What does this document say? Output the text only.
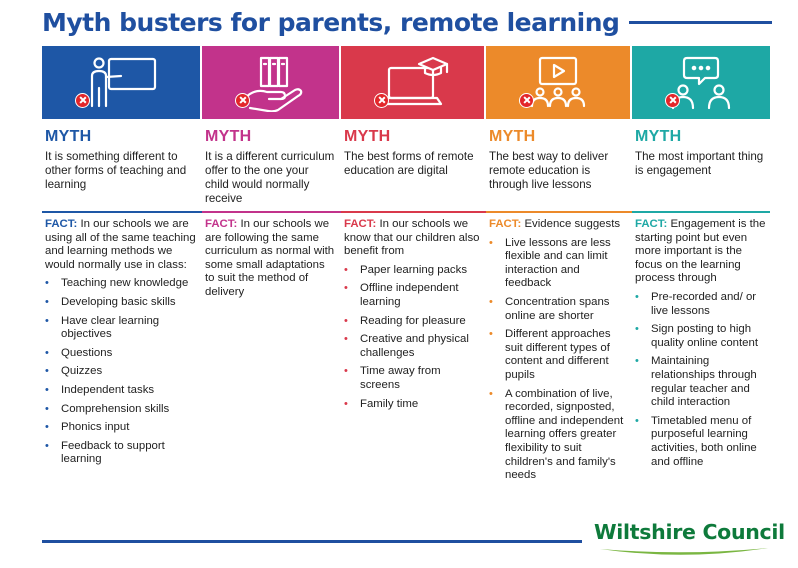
Myth busters for parents, remote learning
MYTH
It is something different to other forms of teaching and learning
FACT: In our schools we are using all of the same teaching and learning methods we would normally use in class:
• Teaching new knowledge
• Developing basic skills
• Have clear learning objectives
• Questions
• Quizzes
• Independent tasks
• Comprehension skills
• Phonics input
• Feedback to support learning
MYTH
It is a different curriculum offer to the one your child would normally receive
FACT: In our schools we are following the same curriculum as normal with some small adaptations to suit the method of delivery
MYTH
The best forms of remote education are digital
FACT: In our schools we know that our children also benefit from
• Paper learning packs
• Offline independent learning
• Reading for pleasure
• Creative and physical challenges
• Time away from screens
• Family time
MYTH
The best way to deliver remote education is through live lessons
FACT: Evidence suggests
• Live lessons are less flexible and can limit interaction and feedback
• Concentration spans online are shorter
• Different approaches suit different types of content and different pupils
• A combination of live, recorded, signposted, offline and independent learning offers greater flexibility to suit children's and family's needs
MYTH
The most important thing is engagement
FACT: Engagement is the starting point but even more important is the focus on the learning process through
• Pre-recorded and/ or live lessons
• Sign posting to high quality online content
• Maintaining relationships through regular teacher and child interaction
• Timetabled menu of purposeful learning activities, both online and offline
Wiltshire Council
